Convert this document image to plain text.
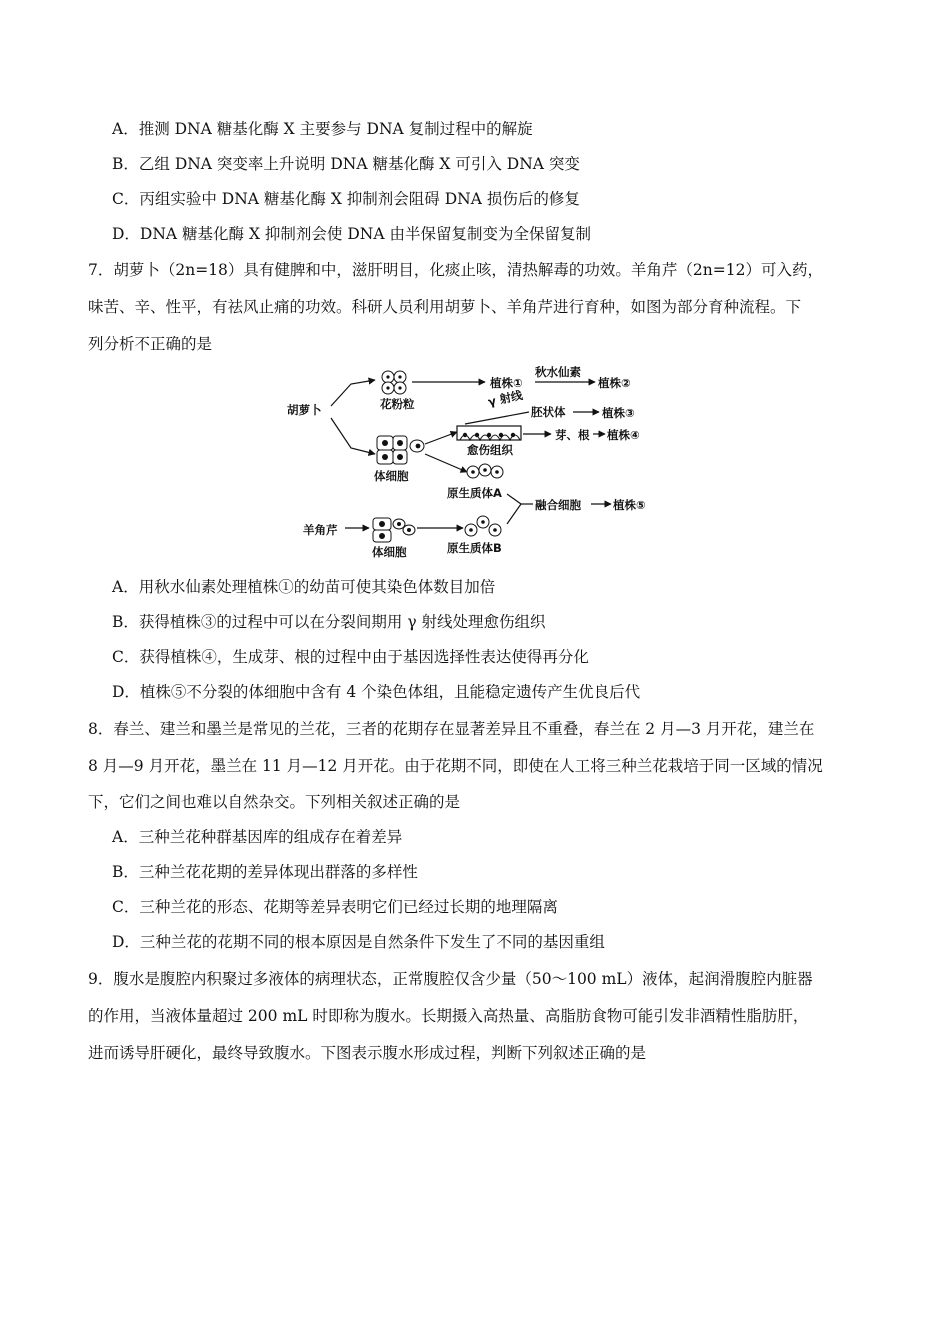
A．推测 DNA 糖基化酶 X 主要参与 DNA 复制过程中的解旋
B．乙组 DNA 突变率上升说明 DNA 糖基化酶 X 可引入 DNA 突变
C．丙组实验中 DNA 糖基化酶 X 抑制剂会阻碍 DNA 损伤后的修复
D．DNA 糖基化酶 X 抑制剂会使 DNA 由半保留复制变为全保留复制
7．胡萝卜（2n=18）具有健脾和中，滋肝明目，化痰止咳，清热解毒的功效。羊角芹（2n=12）可入药，
味苦、辛、性平，有祛风止痛的功效。科研人员利用胡萝卜、羊角芹进行育种，如图为部分育种流程。下
列分析不正确的是
胡萝卜	花粉粒
植株①
秋水仙素
植株②
体细胞
愈伤组织
γ 射线
胚状体	植株③
芽、根 植株④
原生质体A
融合细胞	植株⑤
羊角芹
体细胞	原生质体B
A．用秋水仙素处理植株①的幼苗可使其染色体数目加倍
B．获得植株③的过程中可以在分裂间期用 γ 射线处理愈伤组织
C．获得植株④，生成芽、根的过程中由于基因选择性表达使得再分化
D．植株⑤不分裂的体细胞中含有 4 个染色体组，且能稳定遗传产生优良后代
8．春兰、建兰和墨兰是常见的兰花，三者的花期存在显著差异且不重叠，春兰在 2 月—3 月开花，建兰在
8 月—9 月开花，墨兰在 11 月—12 月开花。由于花期不同，即使在人工将三种兰花栽培于同一区域的情况
下，它们之间也难以自然杂交。下列相关叙述正确的是
A．三种兰花种群基因库的组成存在着差异
B．三种兰花花期的差异体现出群落的多样性
C．三种兰花的形态、花期等差异表明它们已经过长期的地理隔离
D．三种兰花的花期不同的根本原因是自然条件下发生了不同的基因重组
9．腹水是腹腔内积聚过多液体的病理状态，正常腹腔仅含少量（50～100 mL）液体，起润滑腹腔内脏器
的作用，当液体量超过 200 mL 时即称为腹水。长期摄入高热量、高脂肪食物可能引发非酒精性脂肪肝，
进而诱导肝硬化，最终导致腹水。下图表示腹水形成过程，判断下列叙述正确的是
